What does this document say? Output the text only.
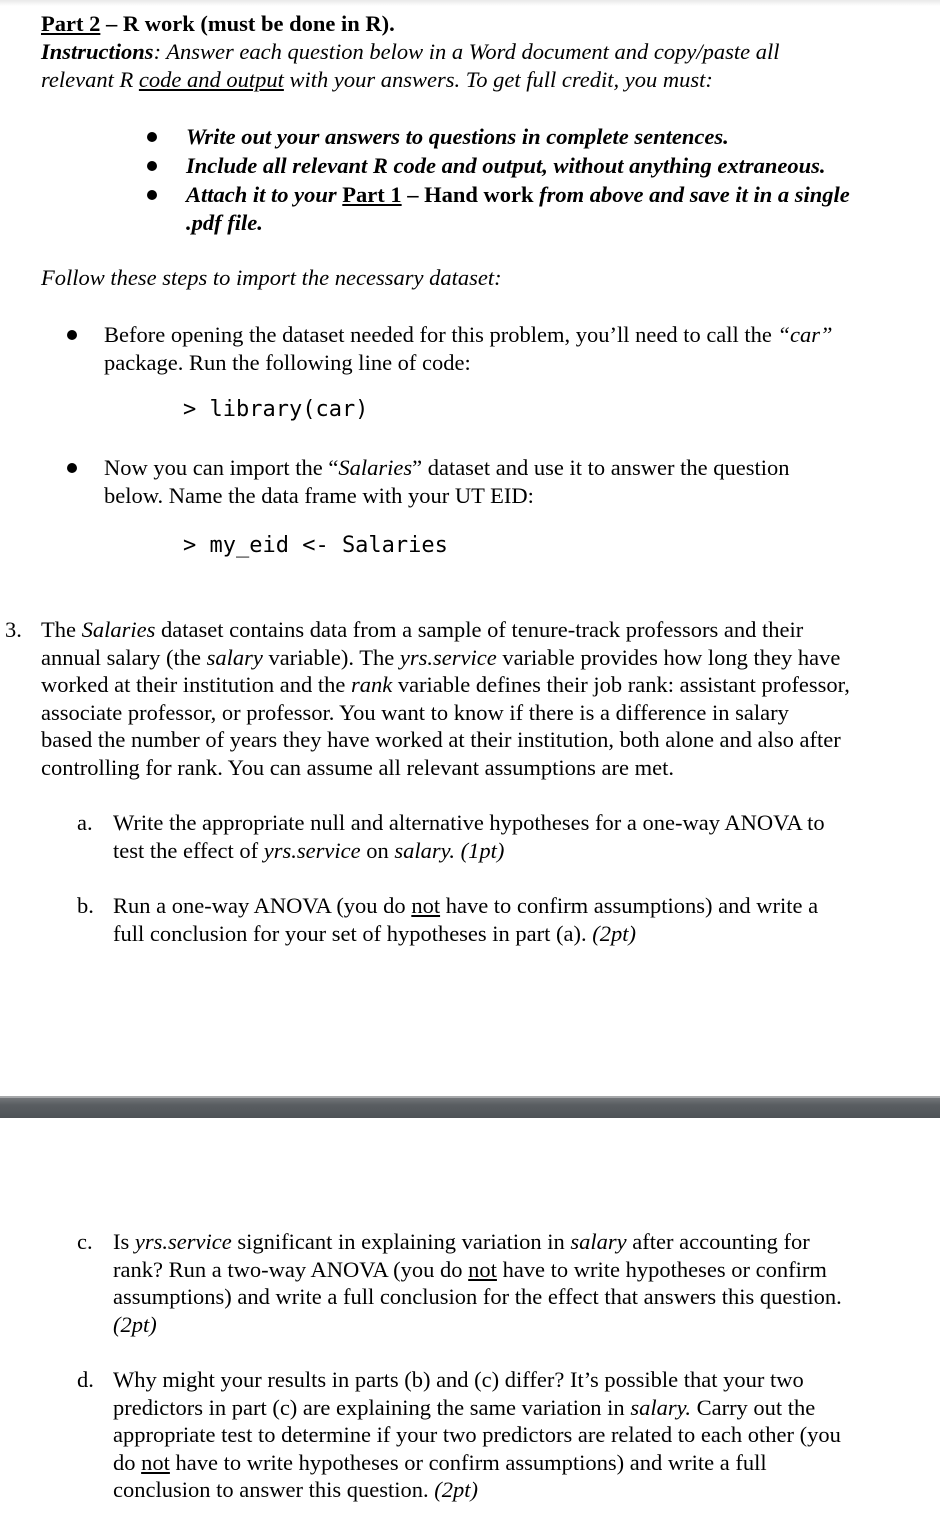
Part 2 – R work (must be done in R).
Instructions: Answer each question below in a Word document and copy/paste all
relevant R code and output with your answers. To get full credit, you must:
Write out your answers to questions in complete sentences.
Include all relevant R code and output, without anything extraneous.
Attach it to your Part 1 – Hand work from above and save it in a single
.pdf file.
Follow these steps to import the necessary dataset:
Before opening the dataset needed for this problem, you’ll need to call the “car”
package. Run the following line of code:
> library(car)
Now you can import the “Salaries” dataset and use it to answer the question
below. Name the data frame with your UT EID:
> my_eid <- Salaries
3. The Salaries dataset contains data from a sample of tenure-track professors and their
annual salary (the salary variable). The yrs.service variable provides how long they have
worked at their institution and the rank variable defines their job rank: assistant professor,
associate professor, or professor. You want to know if there is a difference in salary
based the number of years they have worked at their institution, both alone and also after
controlling for rank. You can assume all relevant assumptions are met.
a. Write the appropriate null and alternative hypotheses for a one-way ANOVA to
test the effect of yrs.service on salary. (1pt)
b. Run a one-way ANOVA (you do not have to confirm assumptions) and write a
full conclusion for your set of hypotheses in part (a). (2pt)
c. Is yrs.service significant in explaining variation in salary after accounting for
rank? Run a two-way ANOVA (you do not have to write hypotheses or confirm
assumptions) and write a full conclusion for the effect that answers this question.
(2pt)
d. Why might your results in parts (b) and (c) differ? It’s possible that your two
predictors in part (c) are explaining the same variation in salary. Carry out the
appropriate test to determine if your two predictors are related to each other (you
do not have to write hypotheses or confirm assumptions) and write a full
conclusion to answer this question. (2pt)
